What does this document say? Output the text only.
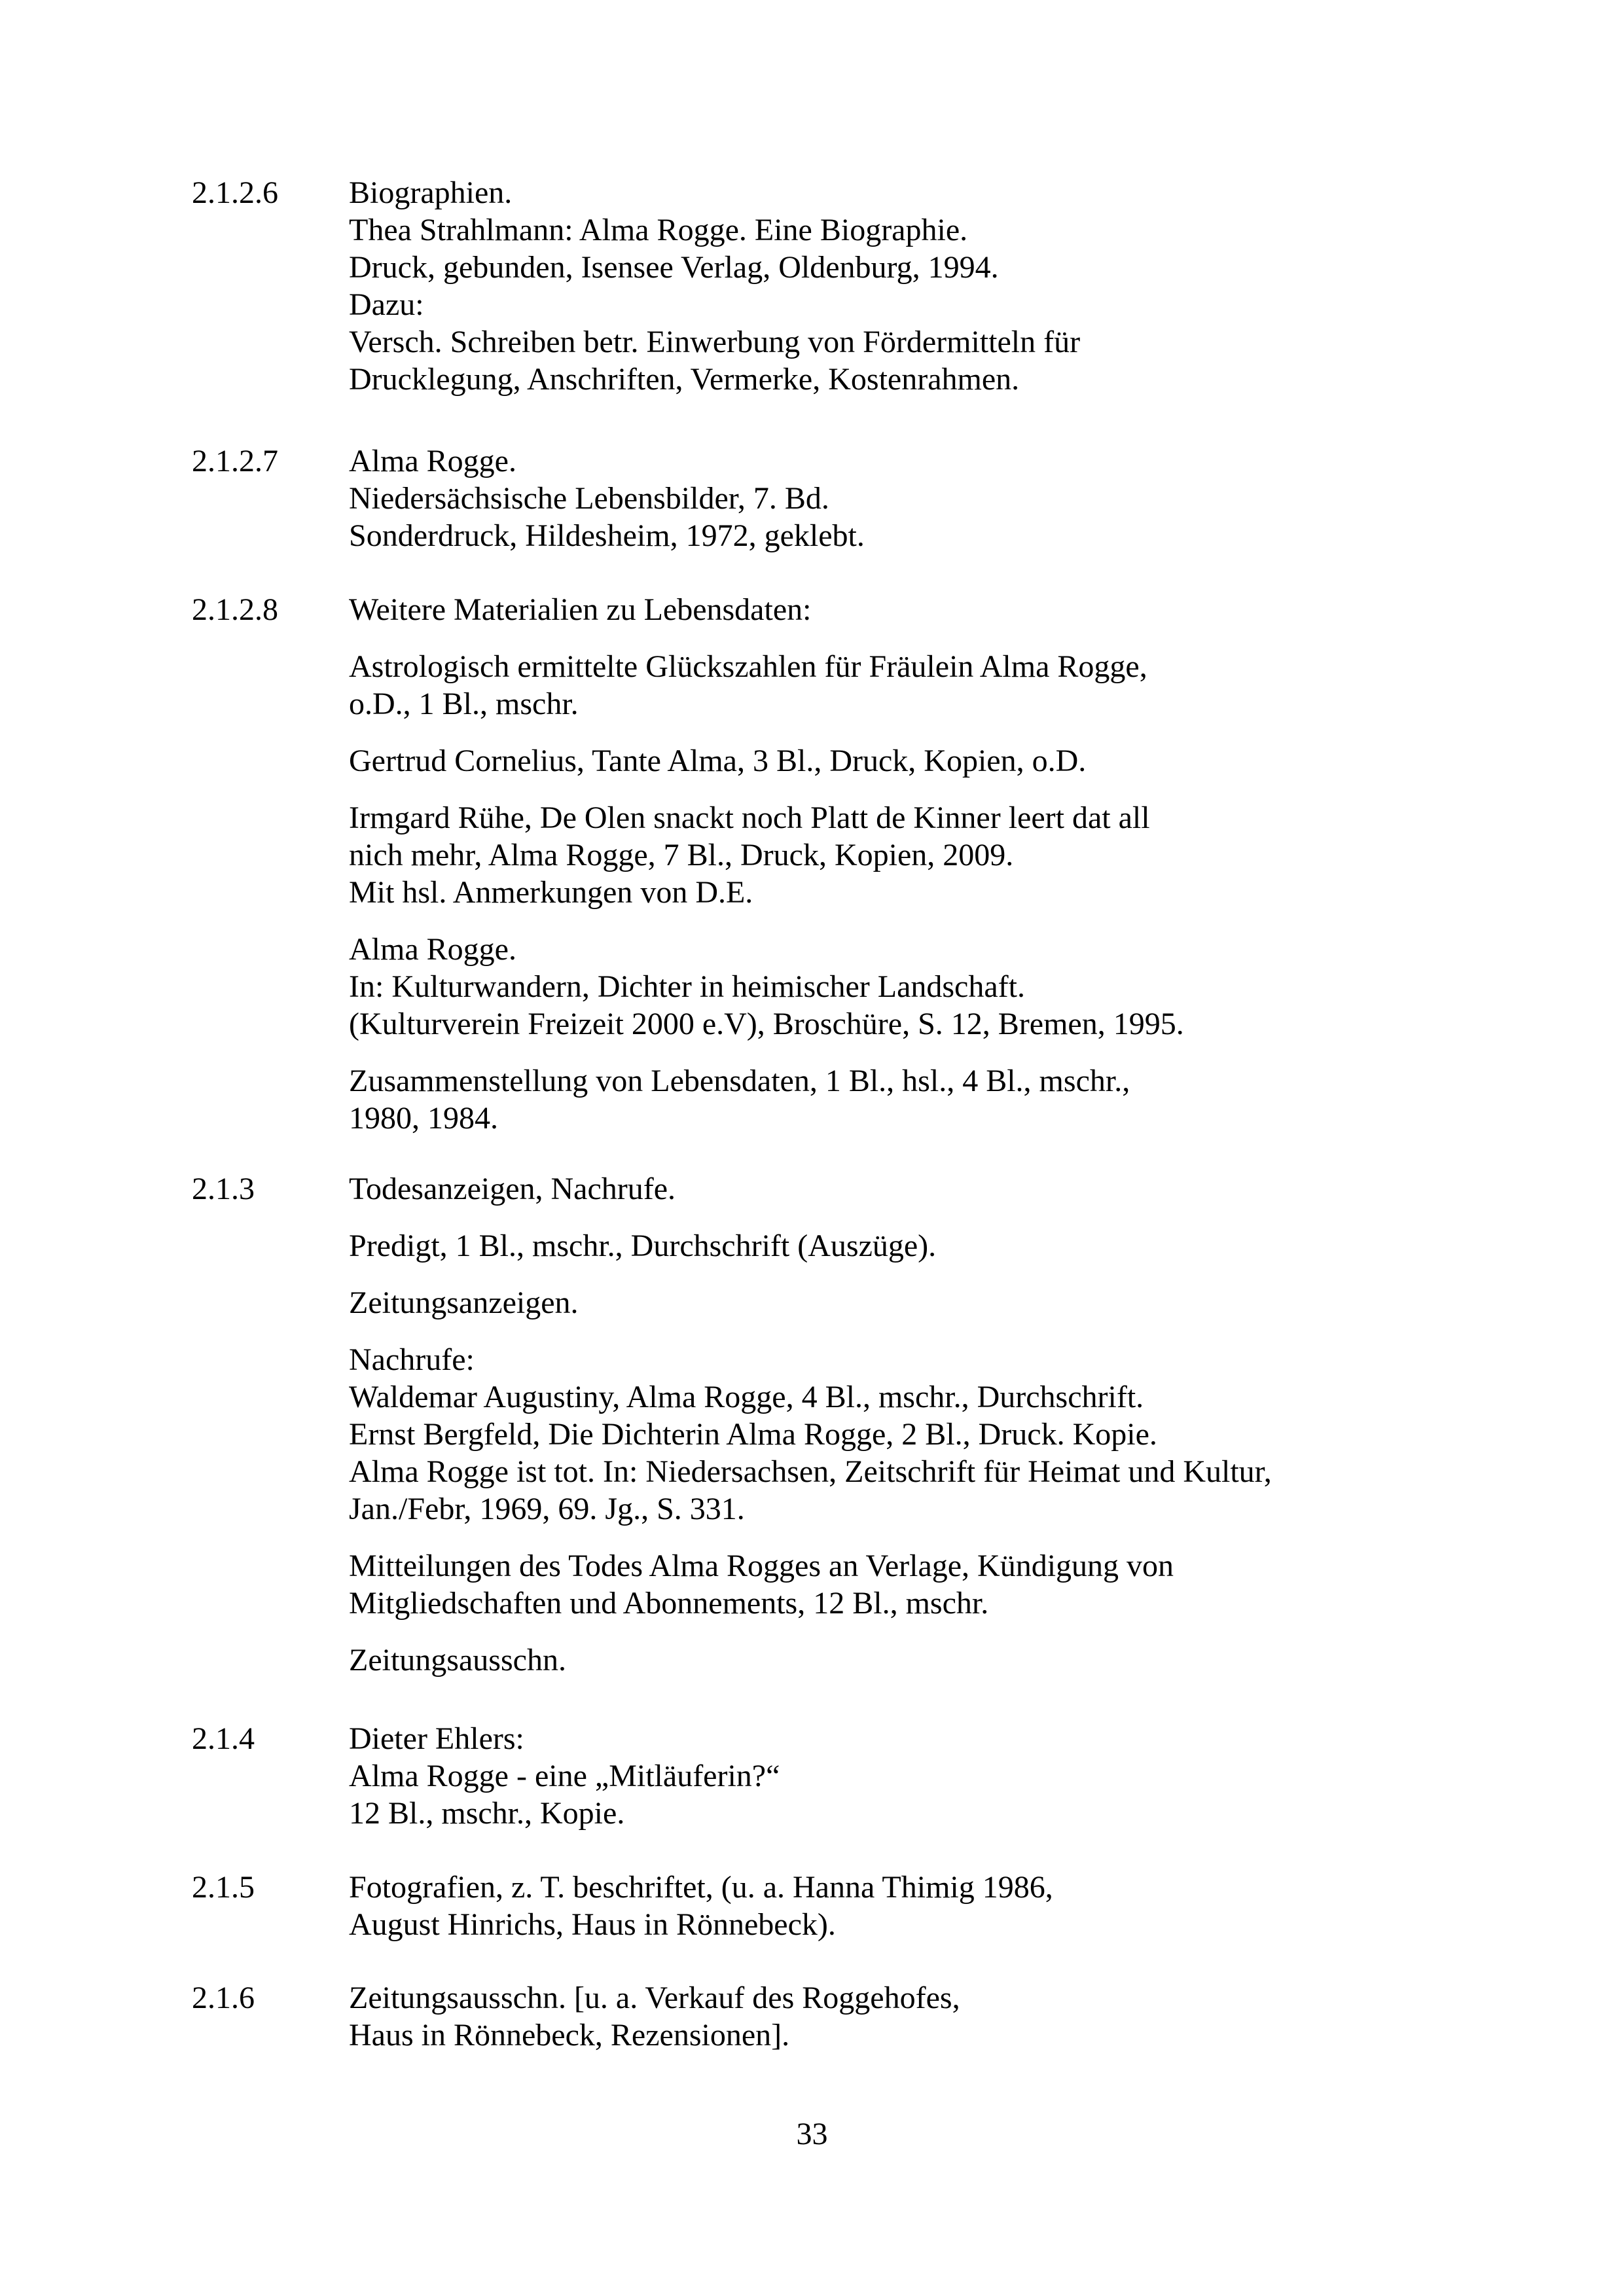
2.1.2.6 Biographien.
Thea Strahlmann: Alma Rogge. Eine Biographie.
Druck, gebunden, Isensee Verlag, Oldenburg, 1994.
Dazu:
Versch. Schreiben betr. Einwerbung von Fördermitteln für
Drucklegung, Anschriften, Vermerke, Kostenrahmen.
2.1.2.7 Alma Rogge.
Niedersächsische Lebensbilder, 7. Bd.
Sonderdruck, Hildesheim, 1972, geklebt.
2.1.2.8 Weitere Materialien zu Lebensdaten:
Astrologisch ermittelte Glückszahlen für Fräulein Alma Rogge,
o.D., 1 Bl., mschr.
Gertrud Cornelius, Tante Alma, 3 Bl., Druck, Kopien, o.D.
Irmgard Rühe, De Olen snackt noch Platt de Kinner leert dat all
nich mehr, Alma Rogge, 7 Bl., Druck, Kopien, 2009.
Mit hsl. Anmerkungen von D.E.
Alma Rogge.
In: Kulturwandern, Dichter in heimischer Landschaft.
(Kulturverein Freizeit 2000 e.V), Broschüre, S. 12, Bremen, 1995.
Zusammenstellung von Lebensdaten, 1 Bl., hsl., 4 Bl., mschr.,
1980, 1984.
2.1.3	Todesanzeigen, Nachrufe.
Predigt, 1 Bl., mschr., Durchschrift (Auszüge).
Zeitungsanzeigen.
Nachrufe:
Waldemar Augustiny, Alma Rogge, 4 Bl., mschr., Durchschrift.
Ernst Bergfeld, Die Dichterin Alma Rogge, 2 Bl., Druck. Kopie.
Alma Rogge ist tot. In: Niedersachsen, Zeitschrift für Heimat und Kultur,
Jan./Febr, 1969, 69. Jg., S. 331.
Mitteilungen des Todes Alma Rogges an Verlage, Kündigung von
Mitgliedschaften und Abonnements, 12 Bl., mschr.
Zeitungsausschn.
2.1.4	Dieter Ehlers:
Alma Rogge - eine „Mitläuferin?“
12 Bl., mschr., Kopie.
2.1.5	Fotografien, z. T. beschriftet, (u. a. Hanna Thimig 1986,
August Hinrichs, Haus in Rönnebeck).
2.1.6	Zeitungsausschn. [u. a. Verkauf des Roggehofes,
Haus in Rönnebeck, Rezensionen].
33
